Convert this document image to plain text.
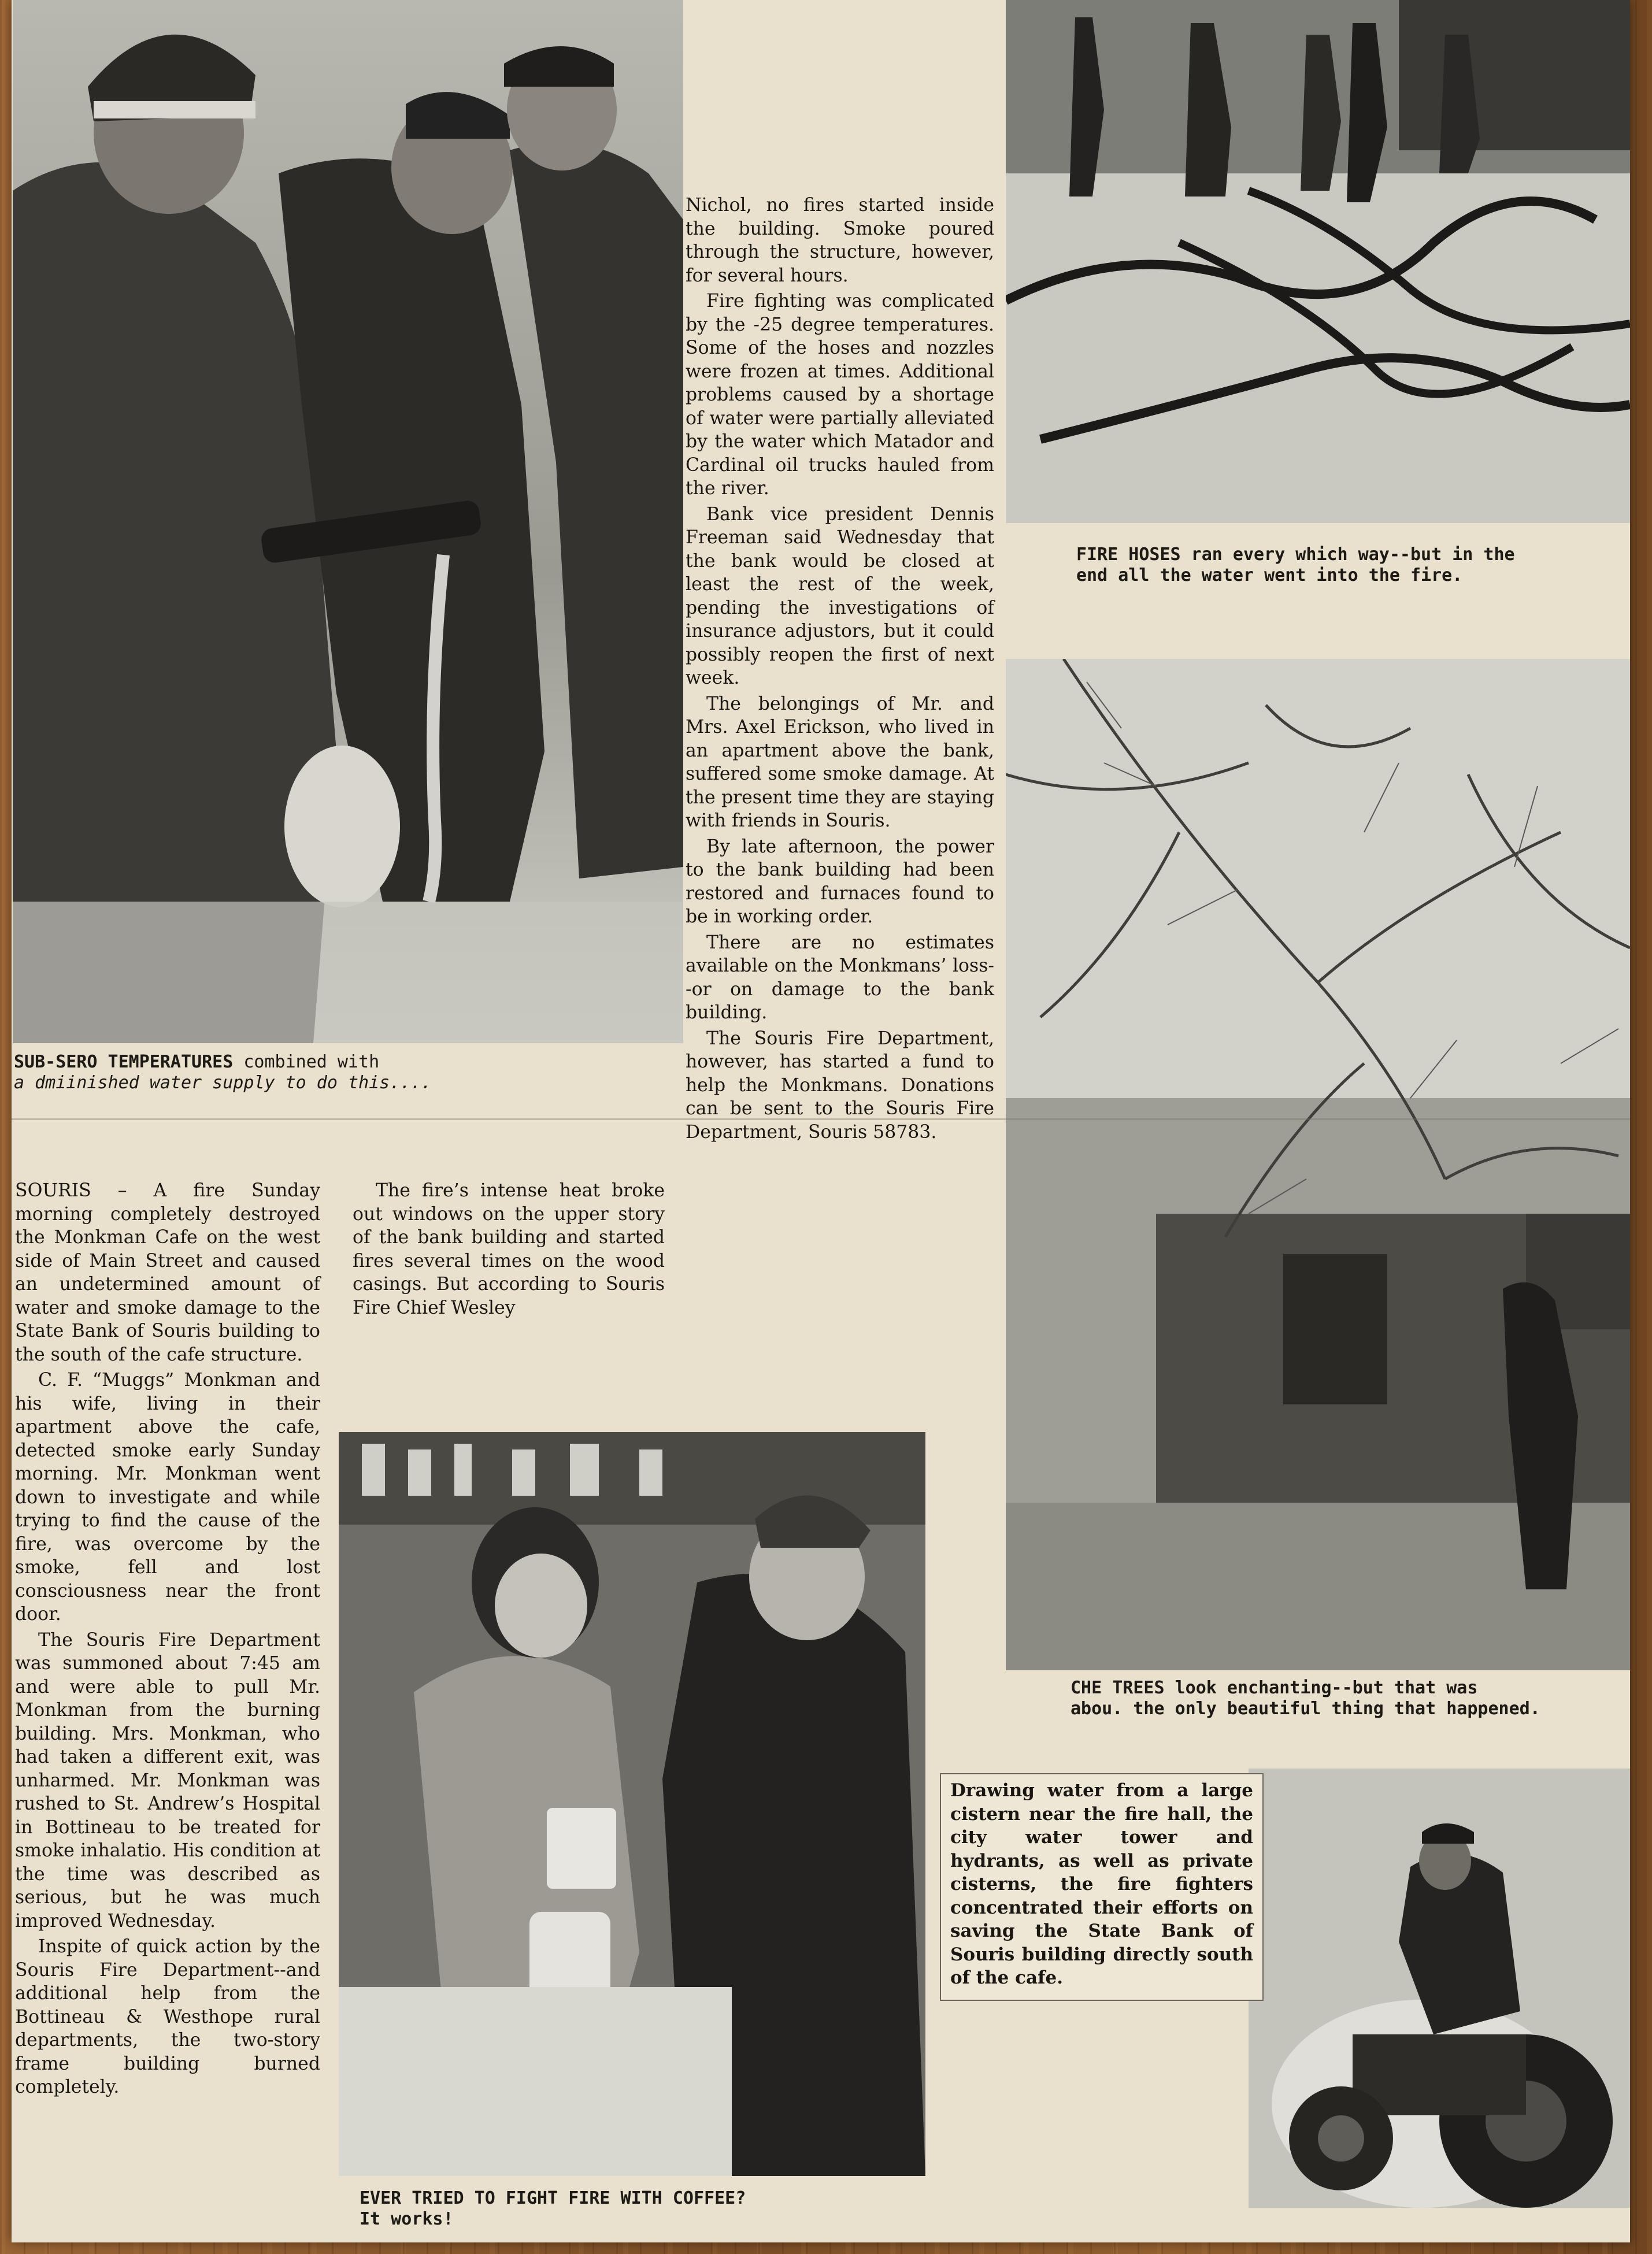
SUB-SERO TEMPERATURES combined with
a dmiinished water supply to do this....
FIRE HOSES ran every which way--but in the
end all the water went into the fire.
СHE TREES look enchanting--but that was
abou. the only beautiful thing that happened.
EVER TRIED TO FIGHT FIRE WITH COFFEE?
It works!
Drawing water from a large cistern near the fire hall, the city water tower and hydrants, as well as private cisterns, the fire fighters concentrated their efforts on saving the State Bank of Souris building directly south of the cafe.

SOURIS – A fire Sunday morning completely destroyed the Monkman Cafe on the west side of Main Street and caused an undetermined amount of water and smoke damage to the State Bank of Souris building to the south of the cafe structure.

C. F. “Muggs” Monkman and his wife, living in their apartment above the cafe, detected smoke early Sunday morning. Mr. Monkman went down to investigate and while trying to find the cause of the fire, was overcome by the smoke, fell and lost consciousness near the front door.

The Souris Fire Department was summoned about 7:45 am and were able to pull Mr. Monkman from the burning building. Mrs. Monkman, who had taken a different exit, was unharmed. Mr. Monkman was rushed to St. Andrew’s Hospital in Bottineau to be treated for smoke inhalatio. His condition at the time was described as serious, but he was much improved Wednesday.

Inspite of quick action by the Souris Fire Department--and additional help from the Bottineau & Westhope rural departments, the two-story frame building burned completely.

The fire’s intense heat broke out windows on the upper story of the bank building and started fires several times on the wood casings. But according to Souris Fire Chief Wesley

Nichol, no fires started inside the building. Smoke poured through the structure, however, for several hours.

Fire fighting was complicated by the -25 degree temperatures. Some of the hoses and nozzles were frozen at times. Additional problems caused by a shortage of water were partially alleviated by the water which Matador and Cardinal oil trucks hauled from the river.

Bank vice president Dennis Freeman said Wednesday that the bank would be closed at least the rest of the week, pending the investigations of insurance adjustors, but it could possibly reopen the first of next week.

The belongings of Mr. and Mrs. Axel Erickson, who lived in an apartment above the bank, suffered some smoke damage. At the present time they are staying with friends in Souris.

By late afternoon, the power to the bank building had been restored and furnaces found to be in working order.

There are no estimates available on the Monkmans’ loss--or on damage to the bank building.

The Souris Fire Department, however, has started a fund to help the Monkmans. Donations can be sent to the Souris Fire Department, Souris 58783.
